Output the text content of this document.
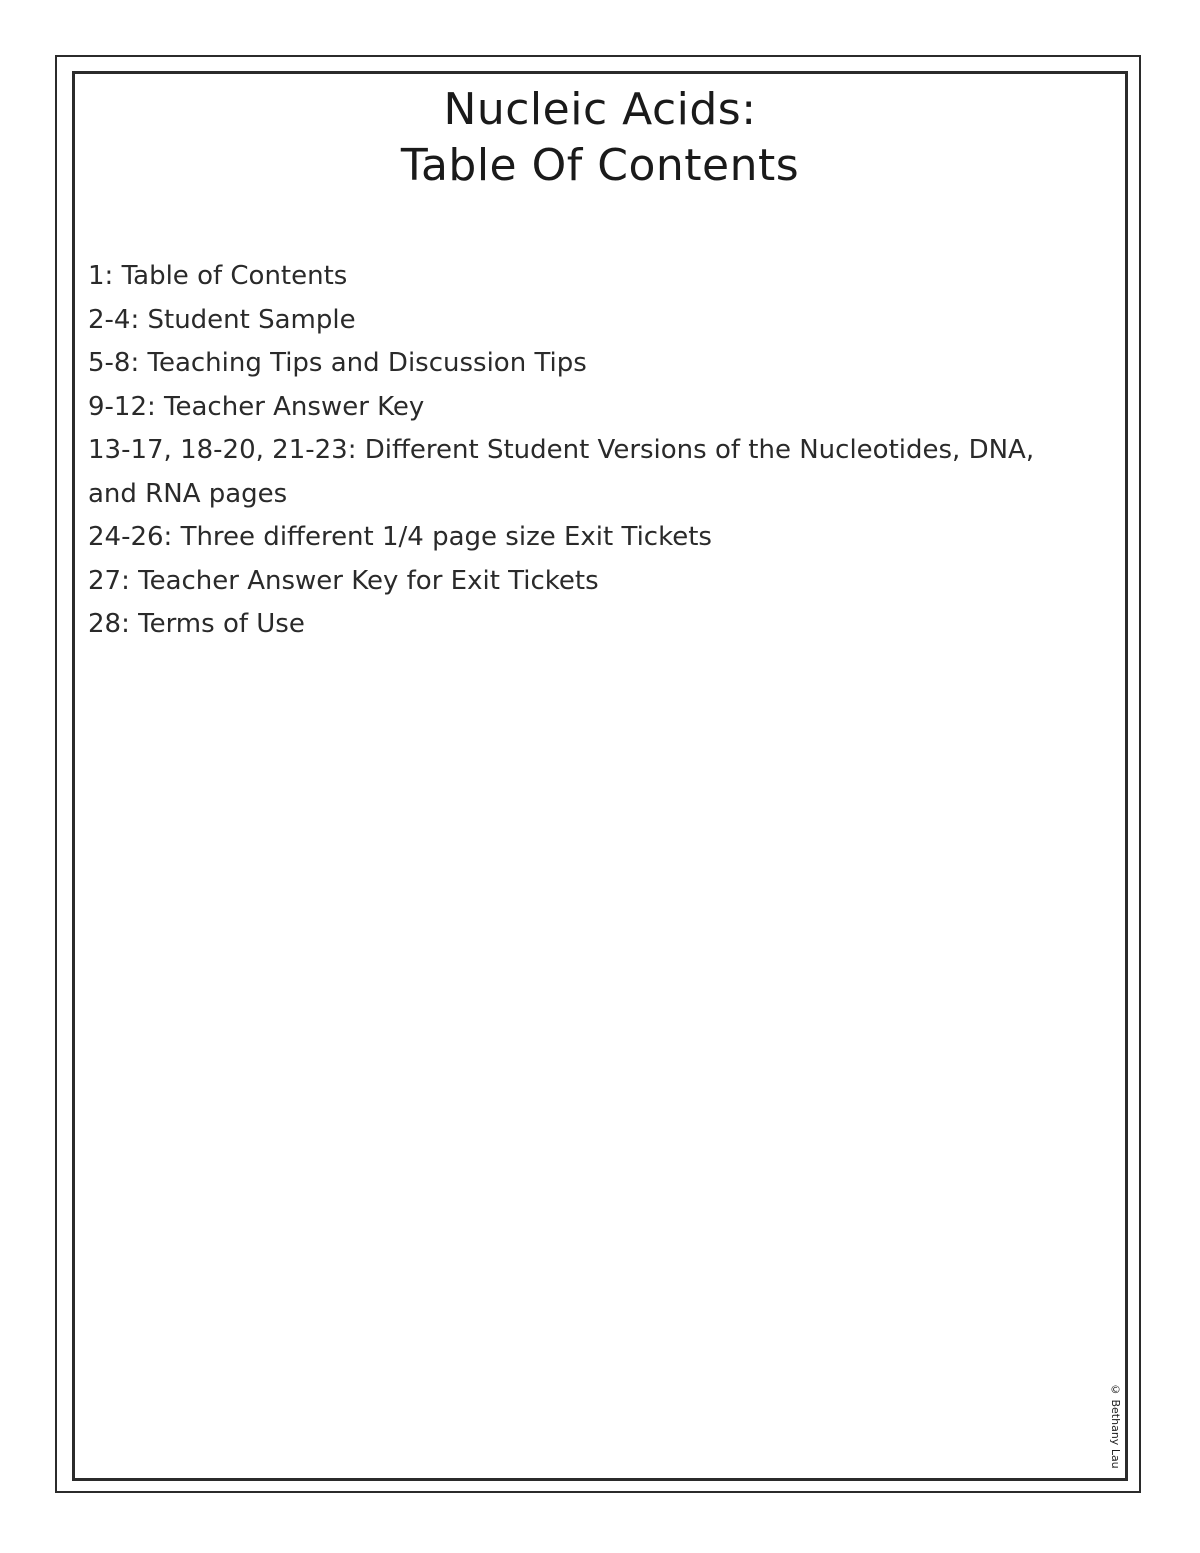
Nucleic Acids:
Table Of Contents
1: Table of Contents
2-4: Student Sample
5-8: Teaching Tips and Discussion Tips
9-12: Teacher Answer Key
13-17, 18-20, 21-23: Different Student Versions of the Nucleotides, DNA, and RNA pages
24-26: Three different 1/4 page size Exit Tickets
27: Teacher Answer Key for Exit Tickets
28: Terms of Use
© Bethany Lau
